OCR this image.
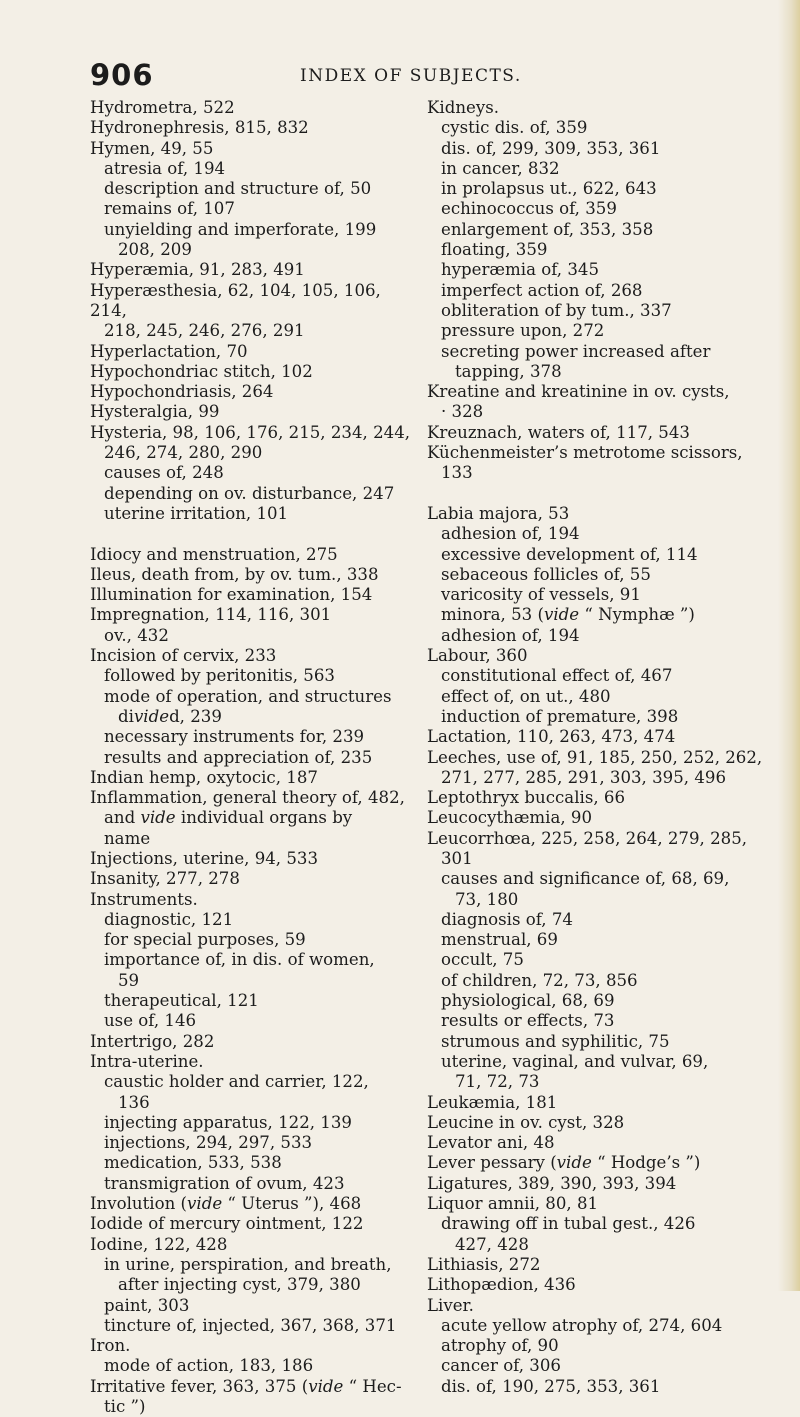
906	INDEX OF SUBJECTS.

Hydrometra, 522

Hydronephresis, 815, 832

Hymen, 49, 55

atresia of, 194

description and structure of, 50

remains of, 107

unyielding and imperforate, 199

208, 209

Hyperæmia, 91, 283, 491

Hyperæsthesia, 62, 104, 105, 106, 214,

218, 245, 246, 276, 291

Hyperlactation, 70

Hypochondriac stitch, 102

Hypochondriasis, 264

Hysteralgia, 99

Hysteria, 98, 106, 176, 215, 234, 244,

246, 274, 280, 290

causes of, 248

depending on ov. disturbance, 247

uterine irritation, 101

Idiocy and menstruation, 275

Ileus, death from, by ov. tum., 338

Illumination for examination, 154

Impregnation, 114, 116, 301

ov., 432

Incision of cervix, 233

followed by peritonitis, 563

mode of operation, and structures

divided, 239

necessary instruments for, 239

results and appreciation of, 235

Indian hemp, oxytocic, 187

Inflammation, general theory of, 482,

and vide individual organs by

name

Injections, uterine, 94, 533

Insanity, 277, 278

Instruments.

diagnostic, 121

for special purposes, 59

importance of, in dis. of women,

59

therapeutical, 121

use of, 146

Intertrigo, 282

Intra-uterine.

caustic holder and carrier, 122,

136

injecting apparatus, 122, 139

injections, 294, 297, 533

medication, 533, 538

transmigration of ovum, 423

Involution (vide “ Uterus ”), 468

Iodide of mercury ointment, 122

Iodine, 122, 428

in urine, perspiration, and breath,

after injecting cyst, 379, 380

paint, 303

tincture of, injected, 367, 368, 371

Iron.

mode of action, 183, 186

Irritative fever, 363, 375 (vide “ Hec-

tic ”)

Kidneys.

cystic dis. of, 359

dis. of, 299, 309, 353, 361

in cancer, 832

in prolapsus ut., 622, 643

echinococcus of, 359

enlargement of, 353, 358

floating, 359

hyperæmia of, 345

imperfect action of, 268

obliteration of by tum., 337

pressure upon, 272

secreting power increased after

tapping, 378

Kreatine and kreatinine in ov. cysts,

· 328

Kreuznach, waters of, 117, 543

Küchenmeister’s metrotome scissors,

133

Labia majora, 53

adhesion of, 194

excessive development of, 114

sebaceous follicles of, 55

varicosity of vessels, 91

minora, 53 (vide “ Nymphæ ”)

adhesion of, 194

Labour, 360

constitutional effect of, 467

effect of, on ut., 480

induction of premature, 398

Lactation, 110, 263, 473, 474

Leeches, use of, 91, 185, 250, 252, 262,

271, 277, 285, 291, 303, 395, 496

Leptothryx buccalis, 66

Leucocythæmia, 90

Leucorrhœa, 225, 258, 264, 279, 285,

301

causes and significance of, 68, 69,

73, 180

diagnosis of, 74

menstrual, 69

occult, 75

of children, 72, 73, 856

physiological, 68, 69

results or effects, 73

strumous and syphilitic, 75

uterine, vaginal, and vulvar, 69,

71, 72, 73

Leukæmia, 181

Leucine in ov. cyst, 328

Levator ani, 48

Lever pessary (vide “ Hodge’s ”)

Ligatures, 389, 390, 393, 394

Liquor amnii, 80, 81

drawing off in tubal gest., 426

427, 428

Lithiasis, 272

Lithopædion, 436

Liver.

acute yellow atrophy of, 274, 604

atrophy of, 90

cancer of, 306

dis. of, 190, 275, 353, 361
